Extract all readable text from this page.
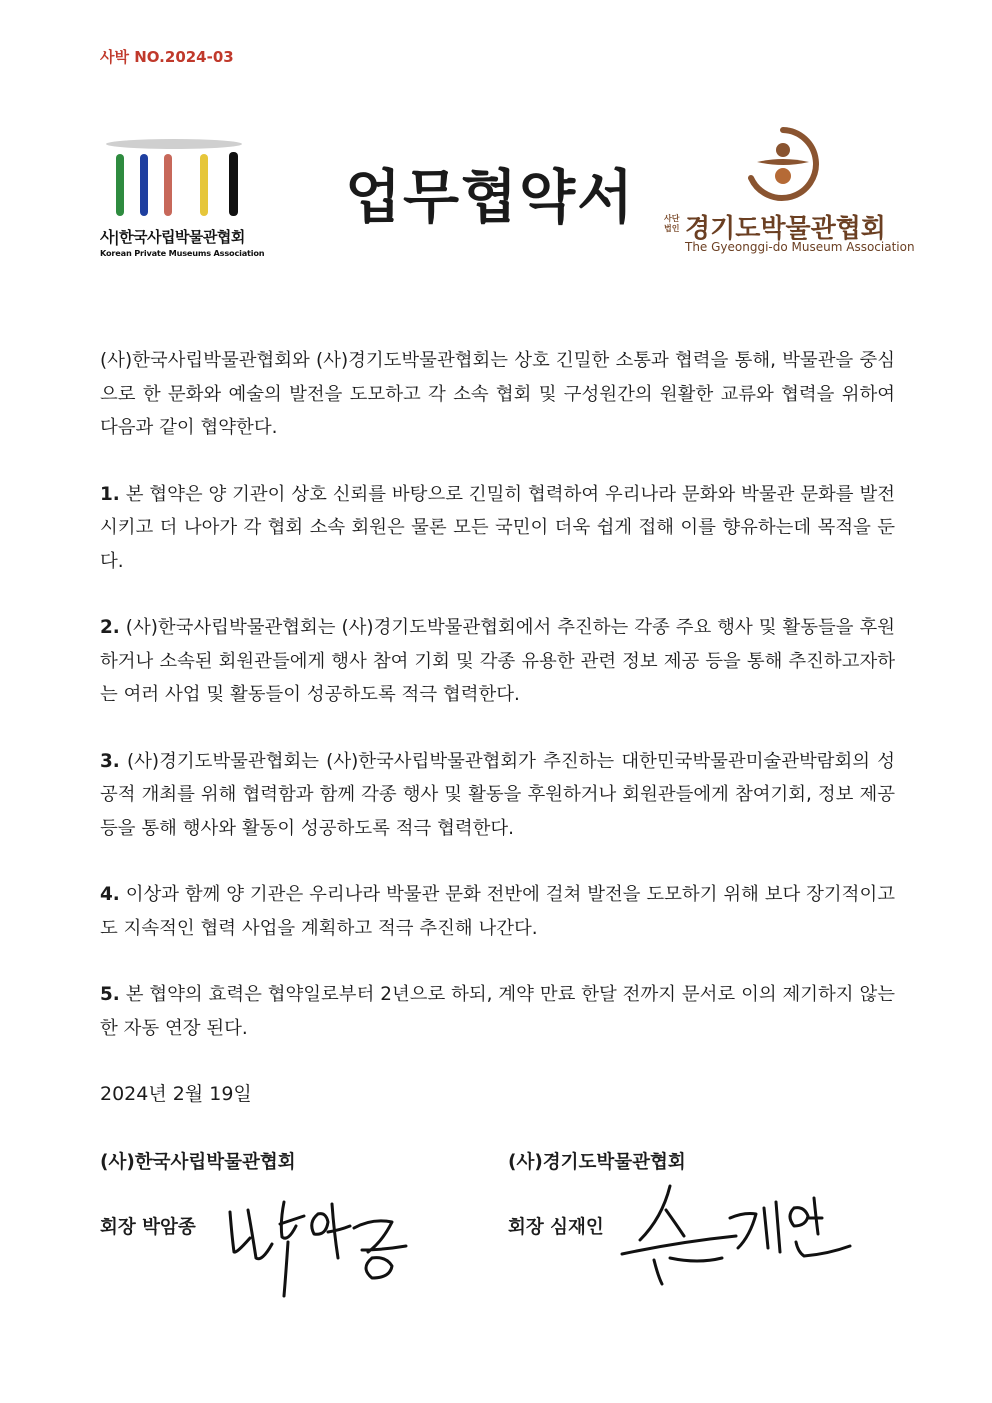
사박 NO.2024-03
사|한국사립박물관협회
Korean Private Museums Association
업무협약서	사단
법인 경기도박물관협회
The Gyeonggi-do Museum Association

(사)한국사립박물관협회와 (사)경기도박물관협회는 상호 긴밀한 소통과 협력을 통해, 박물관을 중심으로 한 문화와 예술의 발전을 도모하고 각 소속 협회 및 구성원간의 원활한 교류와 협력을 위하여 다음과 같이 협약한다.

1. 본 협약은 양 기관이 상호 신뢰를 바탕으로 긴밀히 협력하여 우리나라 문화와 박물관 문화를 발전시키고 더 나아가 각 협회 소속 회원은 물론 모든 국민이 더욱 쉽게 접해 이를 향유하는데 목적을 둔다.

2. (사)한국사립박물관협회는 (사)경기도박물관협회에서 추진하는 각종 주요 행사 및 활동들을 후원하거나 소속된 회원관들에게 행사 참여 기회 및 각종 유용한 관련 정보 제공 등을 통해 추진하고자하는 여러 사업 및 활동들이 성공하도록 적극 협력한다.

3. (사)경기도박물관협회는 (사)한국사립박물관협회가 추진하는 대한민국박물관미술관박람회의 성공적 개최를 위해 협력함과 함께 각종 행사 및 활동을 후원하거나 회원관들에게 참여기회, 정보 제공 등을 통해 행사와 활동이 성공하도록 적극 협력한다.

4. 이상과 함께 양 기관은 우리나라 박물관 문화 전반에 걸쳐 발전을 도모하기 위해 보다 장기적이고도 지속적인 협력 사업을 계획하고 적극 추진해 나간다.

5. 본 협약의 효력은 협약일로부터 2년으로 하되, 계약 만료 한달 전까지 문서로 이의 제기하지 않는 한 자동 연장 된다.

2024년 2월 19일
(사)한국사립박물관협회
회장 박암종
(사)경기도박물관협회
회장 심재인
